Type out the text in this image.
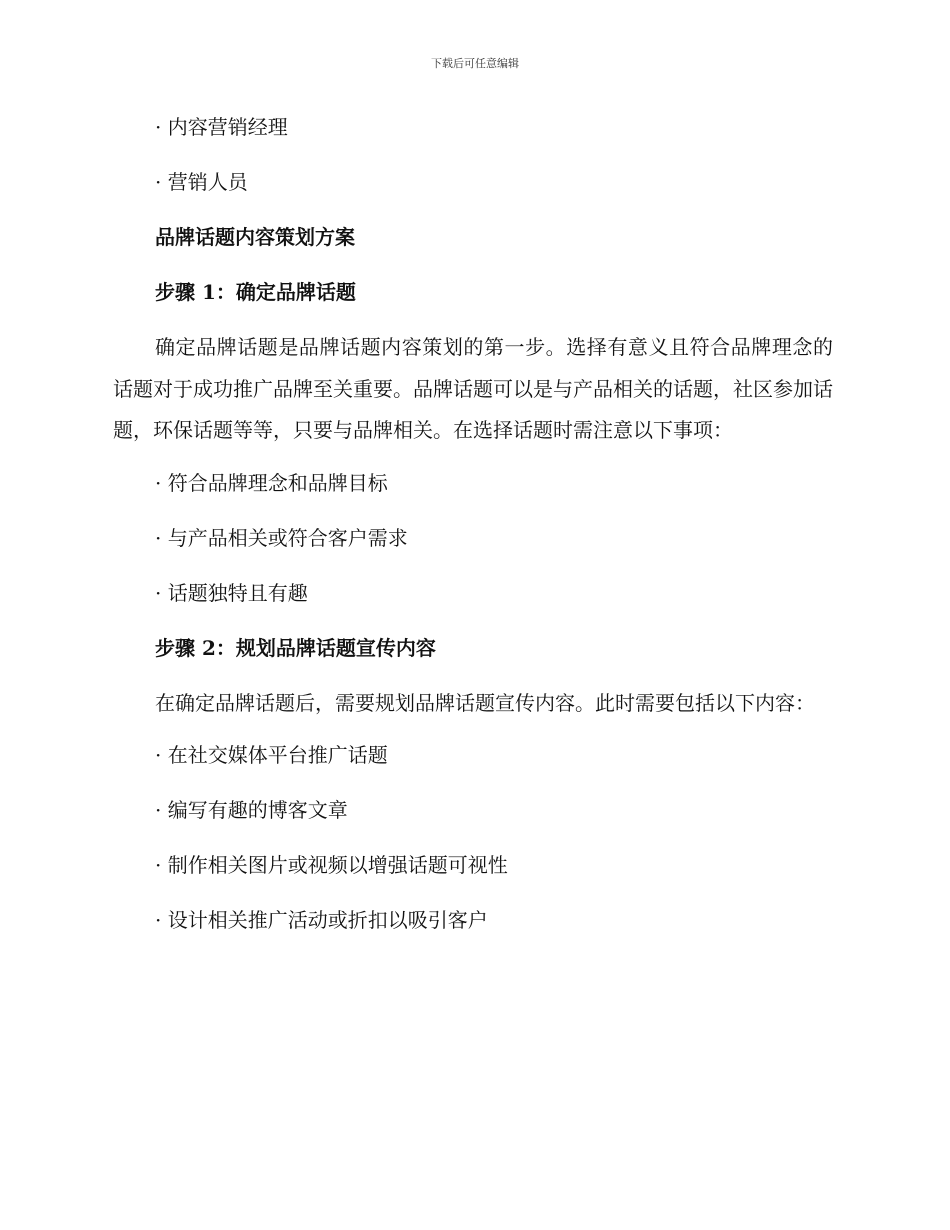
下载后可任意编辑
· 内容营销经理
· 营销人员
品牌话题内容策划方案
步骤 1：确定品牌话题

确定品牌话题是品牌话题内容策划的第一步。选择有意义且符合品牌理念的话题对于成功推广品牌至关重要。品牌话题可以是与产品相关的话题，社区参加话题，环保话题等等，只要与品牌相关。在选择话题时需注意以下事项：

· 符合品牌理念和品牌目标
· 与产品相关或符合客户需求
· 话题独特且有趣
步骤 2：规划品牌话题宣传内容

在确定品牌话题后，需要规划品牌话题宣传内容。此时需要包括以下内容：

· 在社交媒体平台推广话题
· 编写有趣的博客文章
· 制作相关图片或视频以增强话题可视性
· 设计相关推广活动或折扣以吸引客户
